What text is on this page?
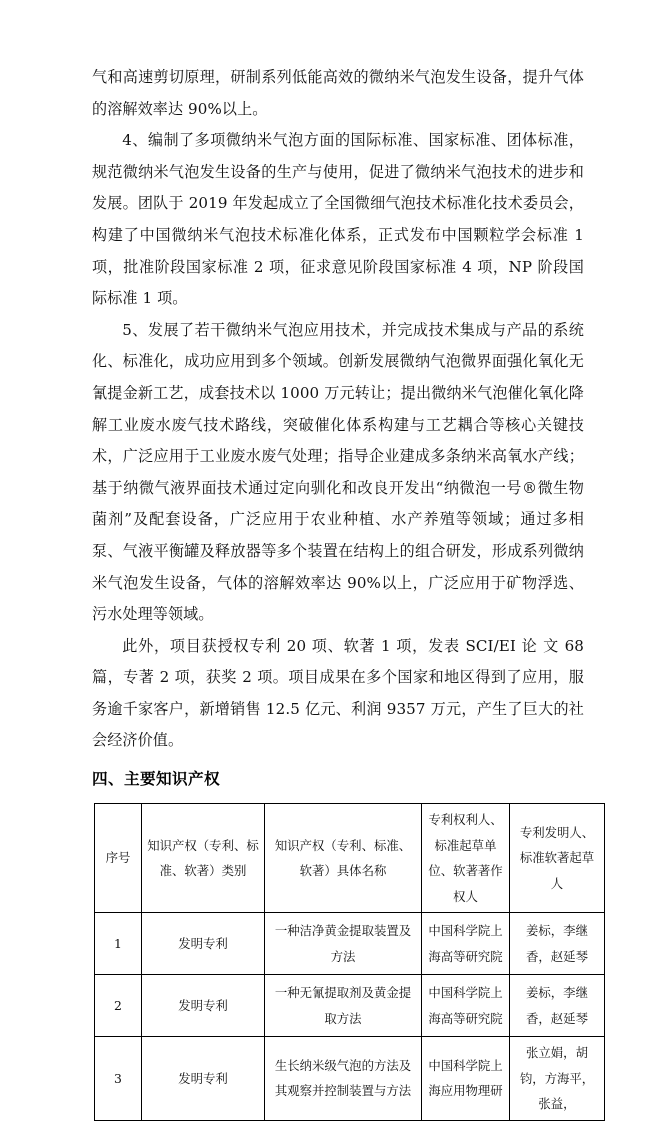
气和高速剪切原理，研制系列低能高效的微纳米气泡发生设备，提升气体的溶解效率达 90%以上。

4、编制了多项微纳米气泡方面的国际标准、国家标准、团体标准，规范微纳米气泡发生设备的生产与使用，促进了微纳米气泡技术的进步和发展。团队于 2019 年发起成立了全国微细气泡技术标准化技术委员会，构建了中国微纳米气泡技术标准化体系，正式发布中国颗粒学会标准 1 项，批准阶段国家标准 2 项，征求意见阶段国家标准 4 项，NP 阶段国际标准 1 项。

5、发展了若干微纳米气泡应用技术，并完成技术集成与产品的系统化、标准化，成功应用到多个领域。创新发展微纳气泡微界面强化氧化无氰提金新工艺，成套技术以 1000 万元转让；提出微纳米气泡催化氧化降解工业废水废气技术路线，突破催化体系构建与工艺耦合等核心关键技术，广泛应用于工业废水废气处理；指导企业建成多条纳米高氧水产线；基于纳微气液界面技术通过定向驯化和改良开发出“纳微泡一号®微生物菌剂”及配套设备，广泛应用于农业种植、水产养殖等领域；通过多相泵、气液平衡罐及释放器等多个装置在结构上的组合研发，形成系列微纳米气泡发生设备，气体的溶解效率达 90%以上，广泛应用于矿物浮选、污水处理等领域。

此外，项目获授权专利 20 项、软著 1 项，发表 SCI/EI 论 文 68 篇，专著 2 项，获奖 2 项。项目成果在多个国家和地区得到了应用，服务逾千家客户，新增销售 12.5 亿元、利润 9357 万元，产生了巨大的社会经济价值。

四、主要知识产权
序号	知识产权（专利、标准、软著）类别	知识产权（专利、标准、软著）具体名称	专利权利人、标准起草单位、软著著作权人	专利发明人、标准软著起草人

1	发明专利	一种洁净黄金提取装置及方法	中国科学院上海高等研究院	姜标，李继香，赵延琴

2	发明专利	一种无氰提取剂及黄金提取方法	中国科学院上海高等研究院	姜标，李继香，赵延琴

3	发明专利	生长纳米级气泡的方法及其观察并控制装置与方法	中国科学院上海应用物理研	张立娟，胡钧，方海平，张益，
